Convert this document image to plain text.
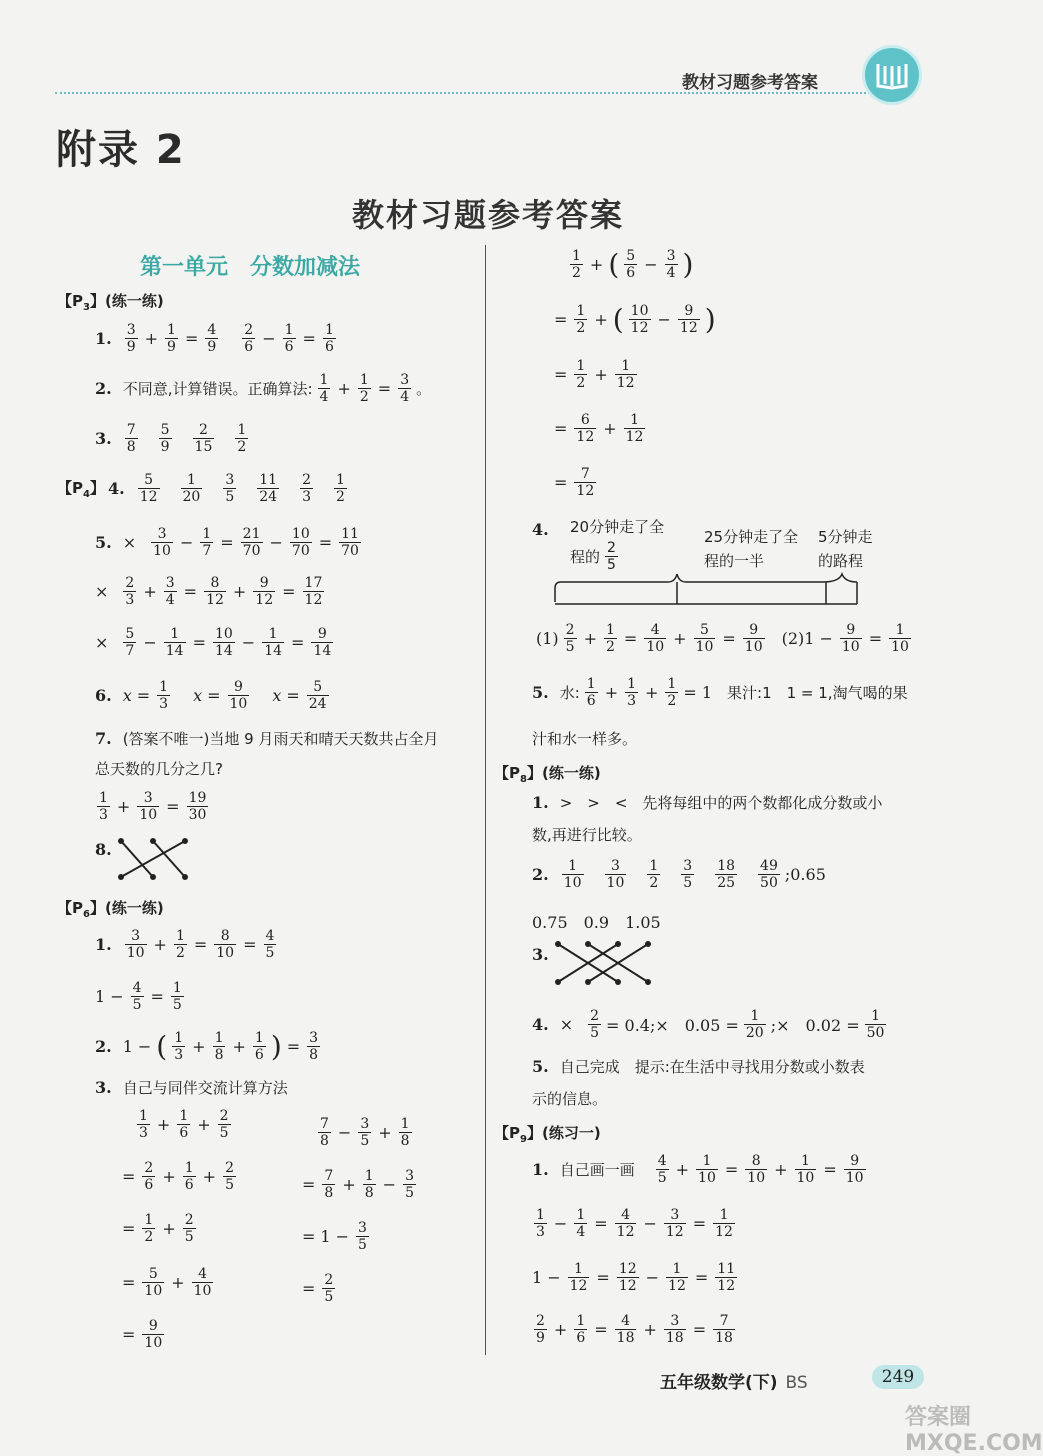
教材习题参考答案
附录 2
教材习题参考答案
第一单元　分数加减法
【$P_3$】(练一练)
1. $\frac{3}{9} + \frac{1}{9} = \frac{4}{9} \frac{2}{6} - \frac{1}{6} = \frac{1}{6}$
2. 不同意,计算错误。正确算法: $\frac{1}{4} + \frac{1}{2} = \frac{3}{4}$ 。
3. $\frac{7}{8} \frac{5}{9} \frac{2}{15} \frac{1}{2}$
【$P_4$】 4. $\frac{5}{12} \frac{1}{20} \frac{3}{5} \frac{11}{24} \frac{2}{3} \frac{1}{2}$
5. × $\frac{3}{10} - \frac{1}{7} = \frac{21}{70} - \frac{10}{70} = \frac{11}{70}$
× $\frac{2}{3} + \frac{3}{4} = \frac{8}{12} + \frac{9}{12} = \frac{17}{12}$
× $\frac{5}{7} - \frac{1}{14} = \frac{10}{14} - \frac{1}{14} = \frac{9}{14}$
6. $x = \frac{1}{3}$ $x = \frac{9}{10}$ $x = \frac{5}{24}$
7. (答案不唯一)当地 9 月雨天和晴天天数共占全月
总天数的几分之几?
$\frac{1}{3} + \frac{3}{10} = \frac{19}{30}$
8.
【$P_6$】(练一练)
1. $\frac{3}{10} + \frac{1}{2} = \frac{8}{10} = \frac{4}{5}$
$1 - \frac{4}{5} = \frac{1}{5}$
2. 1 − ( $\frac{1}{3} + \frac{1}{8} + \frac{1}{6}$ ) = $\frac{3}{8}$
3. 自己与同伴交流计算方法
$\frac{1}{3} + \frac{1}{6} + \frac{2}{5}$
= $\frac{2}{6} + \frac{1}{6} + \frac{2}{5}$
= $\frac{1}{2} + \frac{2}{5}$
= $\frac{5}{10} + \frac{4}{10}$
= $\frac{9}{10}$
$\frac{7}{8} - \frac{3}{5} + \frac{1}{8}$
= $\frac{7}{8} + \frac{1}{8} - \frac{3}{5}$
= $1 - \frac{3}{5}$
= $\frac{2}{5}$
$\frac{1}{2}$ + ( $\frac{5}{6} - \frac{3}{4}$ )
= $\frac{1}{2}$ + ( $\frac{10}{12} - \frac{9}{12}$ )
= $\frac{1}{2} + \frac{1}{12}$
= $\frac{6}{12} + \frac{1}{12}$
= $\frac{7}{12}$
4. 20分钟走了全
程的 $\frac{2}{5}$
25分钟走了全
程的一半
5分钟走
的路程
$(1) \frac{2}{5} + \frac{1}{2} = \frac{4}{10} + \frac{5}{10} = \frac{9}{10} (2)1 - \frac{9}{10} = \frac{1}{10}$
5. 水: $\frac{1}{6} + \frac{1}{3} + \frac{1}{2} = 1$ 果汁:1　1 = 1,淘气喝的果
汁和水一样多。
【$P_8$】(练一练)
1. >　>　<　先将每组中的两个数都化成分数或小
数,再进行比较。
2. $\frac{1}{10} \frac{3}{10} \frac{1}{2} \frac{3}{5} \frac{18}{25} \frac{49}{50}$ ;0.65
0.75　0.9　1.05
3.
4. × $\frac{2}{5}$ = 0.4;×　$0.05 = \frac{1}{20}$ ;×　$0.02 = \frac{1}{50}$
5. 自己完成　提示:在生活中寻找用分数或小数表
示的信息。
【$P_9$】(练习一)
1. 自己画一画 $\frac{4}{5} + \frac{1}{10} = \frac{8}{10} + \frac{1}{10} = \frac{9}{10}$
$\frac{1}{3} - \frac{1}{4} = \frac{4}{12} - \frac{3}{12} = \frac{1}{12}$
$1 - \frac{1}{12} = \frac{12}{12} - \frac{1}{12} = \frac{11}{12}$
$\frac{2}{9} + \frac{1}{6} = \frac{4}{18} + \frac{3}{18} = \frac{7}{18}$
五年级数学(下) BS	249
答案圈 MXQE.COM
